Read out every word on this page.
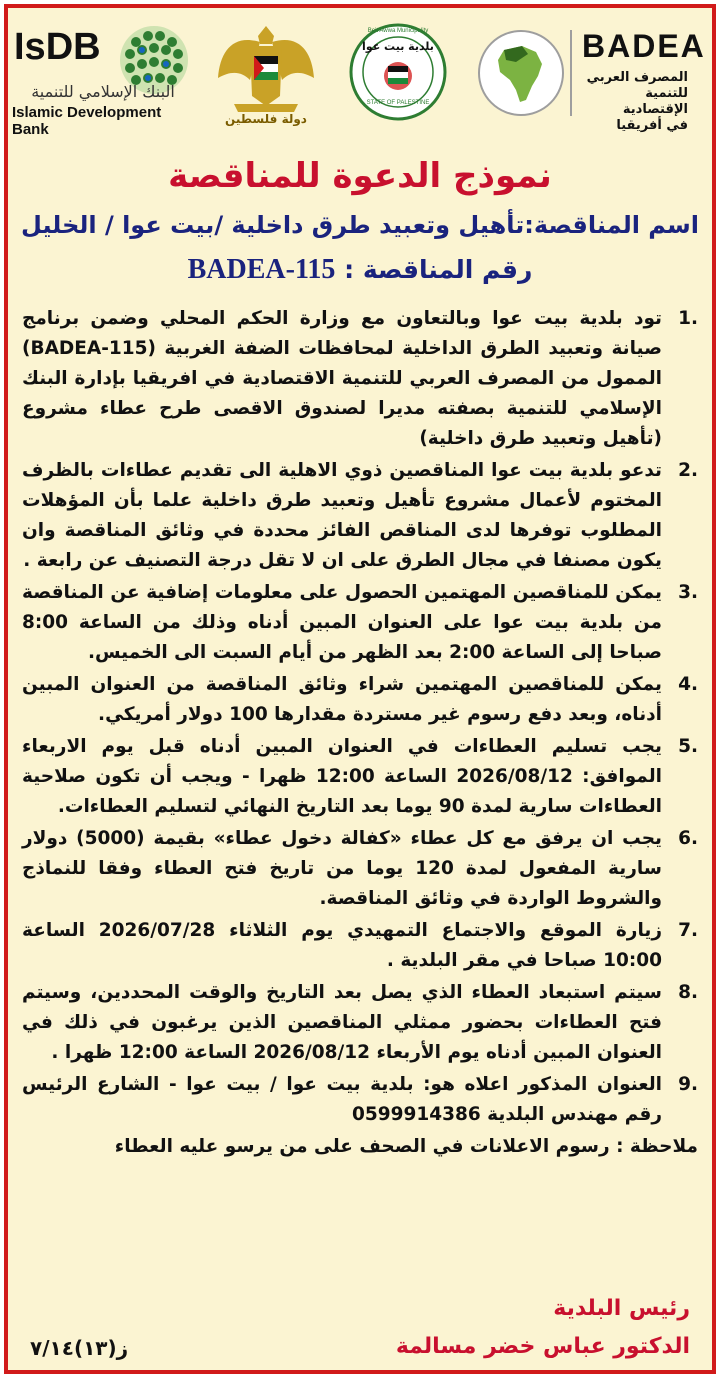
IsDB
البنك الإسلامي للتنمية
Islamic Development Bank
دولة فلسطين
بلدية بيت عوا
Beit Awwa Municipality
STATE OF PALESTINE
BADEA
المصرف العربي
للتنمية الإقتصادية
في أفريقيا
نموذج الدعوة للمناقصة
اسم المناقصة:تأهيل وتعبيد طرق داخلية /بيت عوا / الخليل
رقم المناقصة : BADEA-115
.1
تود بلدية بيت عوا وبالتعاون مع وزارة الحكم المحلي وضمن برنامج صيانة وتعبيد الطرق الداخلية لمحافظات الضفة الغربية (BADEA-115) الممول من المصرف العربي للتنمية الاقتصادية في افريقيا بإدارة البنك الإسلامي للتنمية بصفته مديرا لصندوق الاقصى طرح عطاء مشروع (تأهيل وتعبيد طرق داخلية)
.2
تدعو بلدية بيت عوا المناقصين ذوي الاهلية الى تقديم عطاءات بالظرف المختوم لأعمال مشروع تأهيل وتعبيد طرق داخلية علما بأن المؤهلات المطلوب توفرها لدى المناقص الفائز محددة في وثائق المناقصة وان يكون مصنفا في مجال الطرق على ان لا تقل درجة التصنيف عن رابعة .
.3
يمكن للمناقصين المهتمين الحصول على معلومات إضافية عن المناقصة من بلدية بيت عوا على العنوان المبين أدناه وذلك من الساعة 8:00 صباحا إلى الساعة 2:00 بعد الظهر من أيام السبت الى الخميس.
.4
يمكن للمناقصين المهتمين شراء وثائق المناقصة من العنوان المبين أدناه، وبعد دفع رسوم غير مستردة مقدارها 100 دولار أمريكي.
.5
يجب تسليم العطاءات في العنوان المبين أدناه قبل يوم الاربعاء الموافق: 2026/08/12 الساعة 12:00 ظهرا - ويجب أن تكون صلاحية العطاءات سارية لمدة 90 يوما بعد التاريخ النهائي لتسليم العطاءات.
.6
يجب ان يرفق مع كل عطاء «كفالة دخول عطاء» بقيمة (5000) دولار سارية المفعول لمدة 120 يوما من تاريخ فتح العطاء وفقا للنماذج والشروط الواردة في وثائق المناقصة.
.7
زيارة الموقع والاجتماع التمهيدي يوم الثلاثاء 2026/07/28 الساعة 10:00 صباحا في مقر البلدية .
.8
سيتم استبعاد العطاء الذي يصل بعد التاريخ والوقت المحددين، وسيتم فتح العطاءات بحضور ممثلي المناقصين الذين يرغبون في ذلك في العنوان المبين أدناه يوم الأربعاء 2026/08/12 الساعة 12:00 ظهرا .
.9
العنوان المذكور اعلاه هو: بلدية بيت عوا / بيت عوا - الشارع الرئيس رقم مهندس البلدية 0599914386
ملاحظة : رسوم الاعلانات في الصحف على من يرسو عليه العطاء
رئيس البلدية
الدكتور عباس خضر مسالمة
ز(١٣)٧/١٤
